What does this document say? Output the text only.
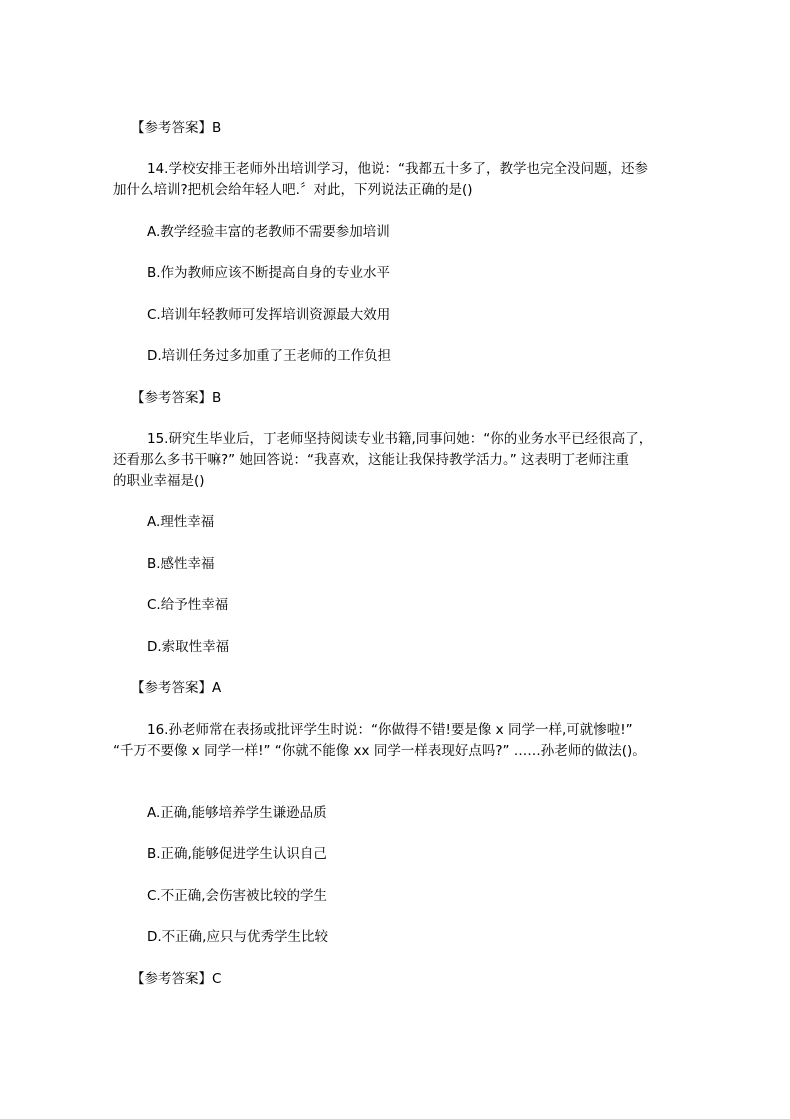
【参考答案】B
14.学校安排王老师外出培训学习，他说：“我都五十多了，教学也完全没问题，还参
加什么培训?把机会给年轻人吧.〞对此，下列说法正确的是()
A.教学经验丰富的老教师不需要参加培训
B.作为教师应该不断提高自身的专业水平
C.培训年轻教师可发挥培训资源最大效用
D.培训任务过多加重了王老师的工作负担
【参考答案】B
15.研究生毕业后，丁老师坚持阅读专业书籍,同事问她：“你的业务水平已经很高了，
还看那么多书干嘛?” 她回答说：“我喜欢，这能让我保持教学活力。” 这表明丁老师注重
的职业幸福是()
A.理性幸福
B.感性幸福
C.给予性幸福
D.索取性幸福
【参考答案】A
16.孙老师常在表扬或批评学生时说：“你做得不错!要是像 x 同学一样,可就惨啦!”
“千万不要像 x 同学一样!” “你就不能像 xx 同学一样表现好点吗?” ……孙老师的做法()。
A.正确,能够培养学生谦逊品质
B.正确,能够促进学生认识自己
C.不正确,会伤害被比较的学生
D.不正确,应只与优秀学生比较
【参考答案】C
